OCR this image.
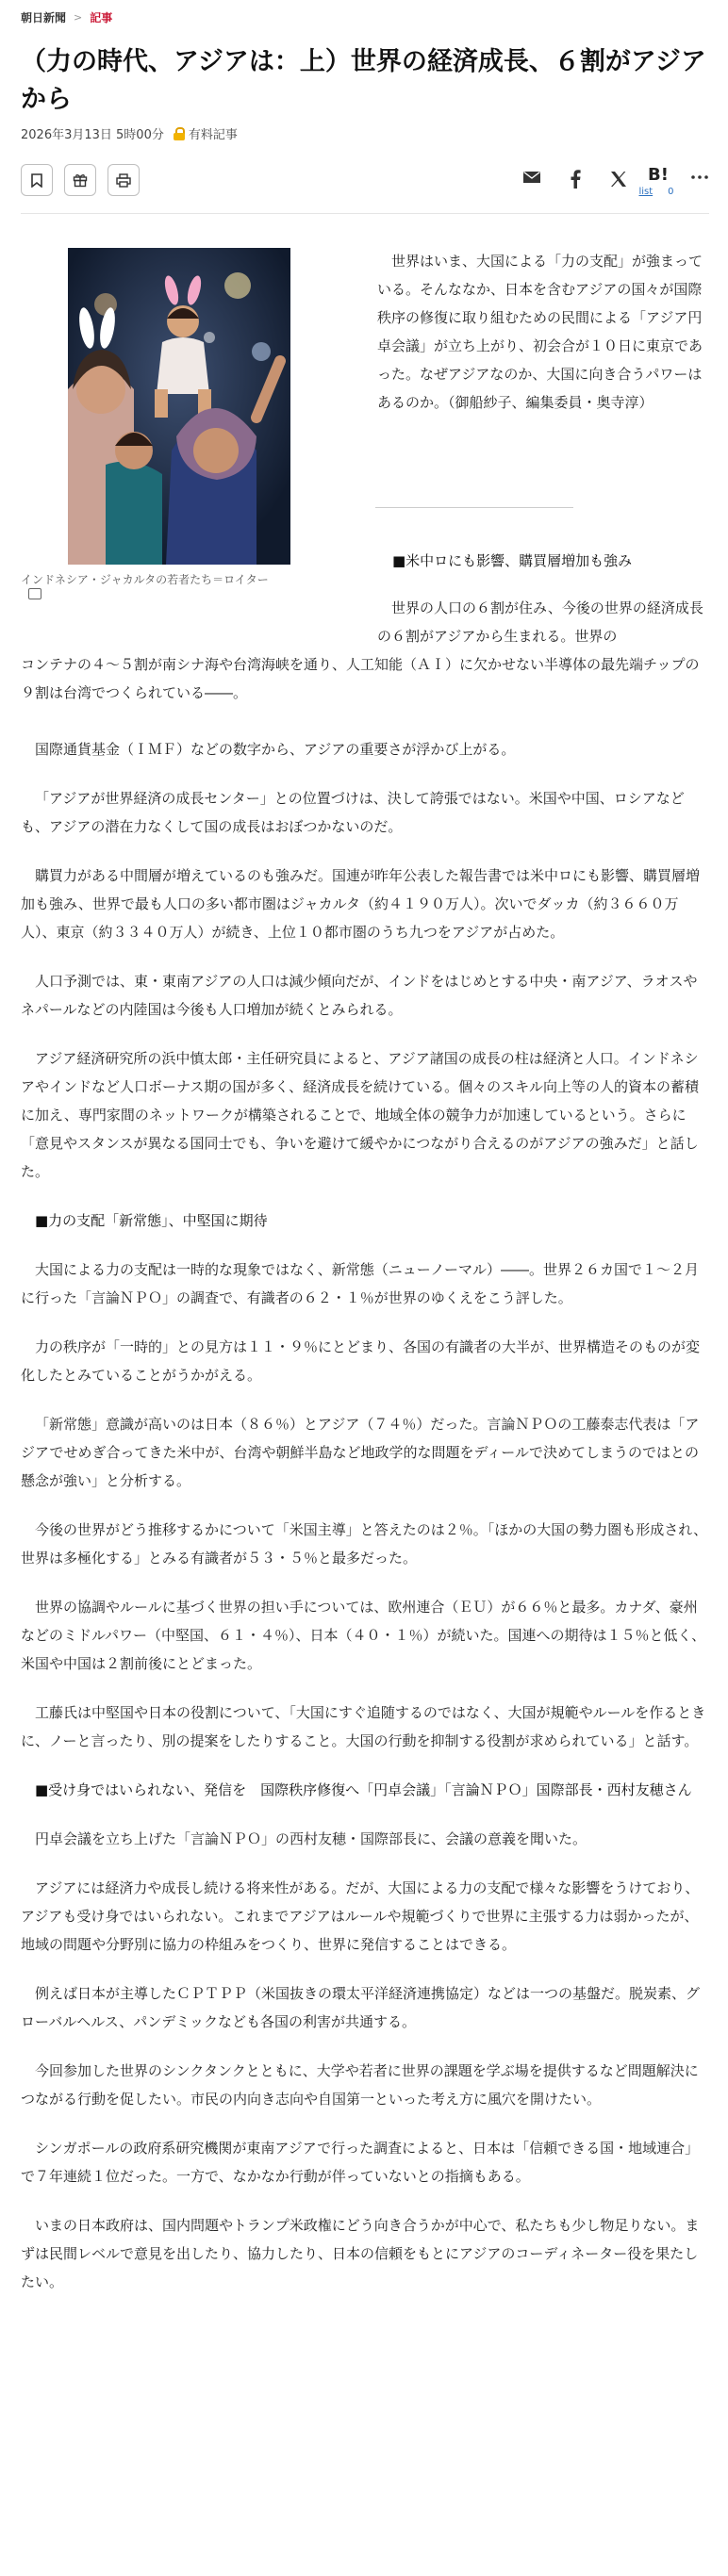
朝日新聞 > 記事
（力の時代、アジアは：上）世界の経済成長、６割がアジアから
2026年3月13日 5時00分 有料記事
B!
list 0
インドネシア・ジャカルタの若者たち＝ロイター

世界はいま、大国による「力の支配」が強まっている。そんななか、日本を含むアジアの国々が国際秩序の修復に取り組むための民間による「アジア円卓会議」が立ち上がり、初会合が１０日に東京であった。なぜアジアなのか、大国に向き合うパワーはあるのか。（御船紗子、編集委員・奥寺淳）

■米中ロにも影響、購買層増加も強み

世界の人口の６割が住み、今後の世界の経済成長の６割がアジアから生まれる。世界の

コンテナの４～５割が南シナ海や台湾海峡を通り、人工知能（ＡＩ）に欠かせない半導体の最先端チップの９割は台湾でつくられている――。

国際通貨基金（ＩＭＦ）などの数字から、アジアの重要さが浮かび上がる。

「アジアが世界経済の成長センター」との位置づけは、決して誇張ではない。米国や中国、ロシアなども、アジアの潜在力なくして国の成長はおぼつかないのだ。

購買力がある中間層が増えているのも強みだ。国連が昨年公表した報告書では米中ロにも影響、購買層増加も強み、世界で最も人口の多い都市圏はジャカルタ（約４１９０万人）。次いでダッカ（約３６６０万人）、東京（約３３４０万人）が続き、上位１０都市圏のうち九つをアジアが占めた。

人口予測では、東・東南アジアの人口は減少傾向だが、インドをはじめとする中央・南アジア、ラオスやネパールなどの内陸国は今後も人口増加が続くとみられる。

アジア経済研究所の浜中慎太郎・主任研究員によると、アジア諸国の成長の柱は経済と人口。インドネシアやインドなど人口ボーナス期の国が多く、経済成長を続けている。個々のスキル向上等の人的資本の蓄積に加え、専門家間のネットワークが構築されることで、地域全体の競争力が加速しているという。さらに「意見やスタンスが異なる国同士でも、争いを避けて緩やかにつながり合えるのがアジアの強みだ」と話した。

■力の支配「新常態」、中堅国に期待

大国による力の支配は一時的な現象ではなく、新常態（ニューノーマル）――。世界２６カ国で１～２月に行った「言論ＮＰＯ」の調査で、有識者の６２・１％が世界のゆくえをこう評した。

力の秩序が「一時的」との見方は１１・９％にとどまり、各国の有識者の大半が、世界構造そのものが変化したとみていることがうかがえる。

「新常態」意識が高いのは日本（８６％）とアジア（７４％）だった。言論ＮＰＯの工藤泰志代表は「アジアでせめぎ合ってきた米中が、台湾や朝鮮半島など地政学的な問題をディールで決めてしまうのではとの懸念が強い」と分析する。

今後の世界がどう推移するかについて「米国主導」と答えたのは２％。「ほかの大国の勢力圏も形成され、世界は多極化する」とみる有識者が５３・５％と最多だった。

世界の協調やルールに基づく世界の担い手については、欧州連合（ＥＵ）が６６％と最多。カナダ、豪州などのミドルパワー（中堅国、６１・４％）、日本（４０・１％）が続いた。国連への期待は１５％と低く、米国や中国は２割前後にとどまった。

工藤氏は中堅国や日本の役割について、「大国にすぐ追随するのではなく、大国が規範やルールを作るときに、ノーと言ったり、別の提案をしたりすること。大国の行動を抑制する役割が求められている」と話す。

■受け身ではいられない、発信を　国際秩序修復へ「円卓会議」「言論ＮＰＯ」国際部長・西村友穂さん

円卓会議を立ち上げた「言論ＮＰＯ」の西村友穂・国際部長に、会議の意義を聞いた。

アジアには経済力や成長し続ける将来性がある。だが、大国による力の支配で様々な影響をうけており、アジアも受け身ではいられない。これまでアジアはルールや規範づくりで世界に主張する力は弱かったが、地域の問題や分野別に協力の枠組みをつくり、世界に発信することはできる。

例えば日本が主導したＣＰＴＰＰ（米国抜きの環太平洋経済連携協定）などは一つの基盤だ。脱炭素、グローバルヘルス、パンデミックなども各国の利害が共通する。

今回参加した世界のシンクタンクとともに、大学や若者に世界の課題を学ぶ場を提供するなど問題解決につながる行動を促したい。市民の内向き志向や自国第一といった考え方に風穴を開けたい。

シンガポールの政府系研究機関が東南アジアで行った調査によると、日本は「信頼できる国・地域連合」で７年連続１位だった。一方で、なかなか行動が伴っていないとの指摘もある。

いまの日本政府は、国内問題やトランプ米政権にどう向き合うかが中心で、私たちも少し物足りない。まずは民間レベルで意見を出したり、協力したり、日本の信頼をもとにアジアのコーディネーター役を果たしたい。
